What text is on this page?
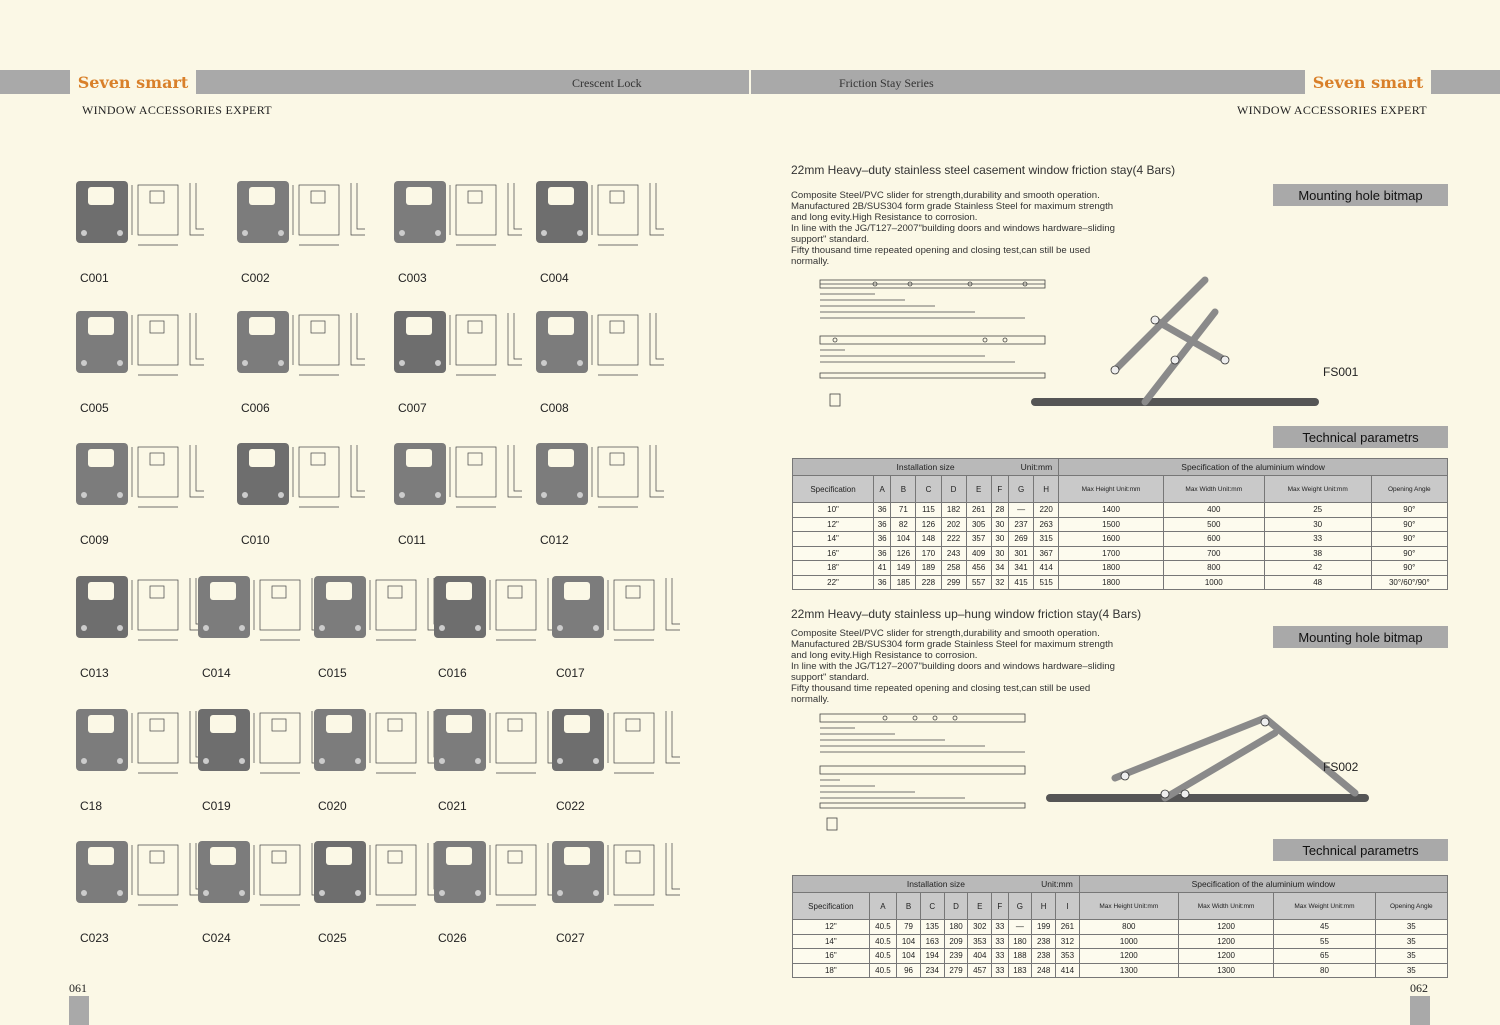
Seven smart	Seven smart
WINDOW ACCESSORIES EXPERT	WINDOW ACCESSORIES EXPERT
Crescent Lock	Friction Stay Series
C001	C002	C003	C004
C005	C006	C007	C008
C009	C010	C011	C012
C013	C014	C015	C016	C017
C18	C019	C020	C021	C022
C023	C024	C025	C026	C027
061	062
22mm Heavy–duty stainless steel casement window friction stay(4 Bars)
Composite Steel/PVC slider for strength,durability and smooth operation.
Manufactured 2B/SUS304 form grade Stainless Steel for maximum strength
and long evity.High Resistance to corrosion.
In line with the JG/T127–2007"building doors and windows hardware–sliding
support" standard.
Fifty thousand time repeated opening and closing test,can still be used
normally.
Mounting hole bitmap
FS001
Technical parametrs
Installation size Unit:mm									Specification of the aluminium window			
Specification	A	B	C	D	E	F	G	H	Max Height Unit:mm	Max Width Unit:mm	Max Weight Unit:mm	Opening Angle
10"	36	71	115	182	261	28	—	220	1400	400	25	90°
12"	36	82	126	202	305	30	237	263	1500	500	30	90°
14"	36	104	148	222	357	30	269	315	1600	600	33	90°
16"	36	126	170	243	409	30	301	367	1700	700	38	90°
18"	41	149	189	258	456	34	341	414	1800	800	42	90°
22"	36	185	228	299	557	32	415	515	1800	1000	48	30°/60°/90°
22mm Heavy–duty stainless up–hung window friction stay(4 Bars)
Composite Steel/PVC slider for strength,durability and smooth operation.
Manufactured 2B/SUS304 form grade Stainless Steel for maximum strength
and long evity.High Resistance to corrosion.
In line with the JG/T127–2007"building doors and windows hardware–sliding
support" standard.
Fifty thousand time repeated opening and closing test,can still be used
normally.
Mounting hole bitmap
FS002
Technical parametrs
Installation size Unit:mm										Specification of the aluminium window			
Specification	A	B	C	D	E	F	G	H	I	Max Height Unit:mm	Max Width Unit:mm	Max Weight Unit:mm	Opening Angle
12"	40.5	79	135	180	302	33	—	199	261	800	1200	45	35
14"	40.5	104	163	209	353	33	180	238	312	1000	1200	55	35
16"	40.5	104	194	239	404	33	188	238	353	1200	1200	65	35
18"	40.5	96	234	279	457	33	183	248	414	1300	1300	80	35
